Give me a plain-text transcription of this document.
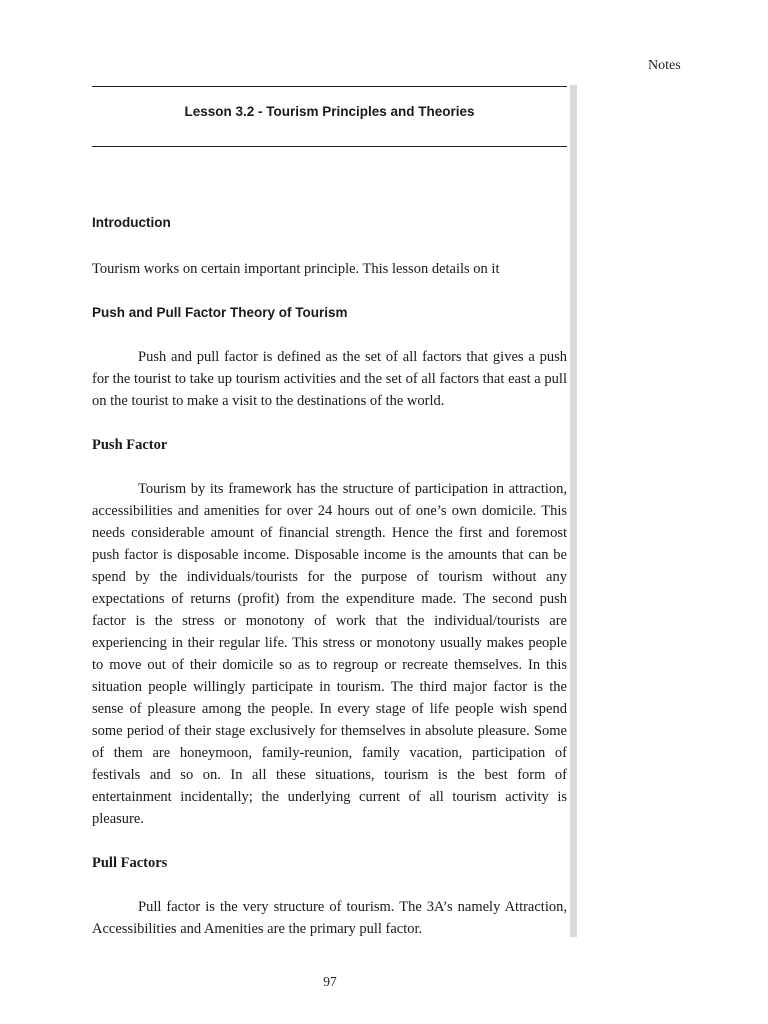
Notes
Lesson 3.2 - Tourism Principles and Theories
Introduction

Tourism works on certain important principle. This lesson details on it

Push and Pull Factor Theory of Tourism

Push and pull factor is defined as the set of all factors that gives a push for the tourist to take up tourism activities and the set of all factors that east a pull on the tourist to make a visit to the destinations of the world.

Push Factor

Tourism by its framework has the structure of participation in attraction, accessibilities and amenities for over 24 hours out of one’s own domicile. This needs considerable amount of financial strength. Hence the first and foremost push factor is disposable income. Disposable income is the amounts that can be spend by the individuals/tourists for the purpose of tourism without any expectations of returns (profit) from the expenditure made. The second push factor is the stress or monotony of work that the individual/tourists are experiencing in their regular life. This stress or monotony usually makes people to move out of their domicile so as to regroup or recreate themselves. In this situation people willingly participate in tourism. The third major factor is the sense of pleasure among the people. In every stage of life people wish spend some period of their stage exclusively for themselves in absolute pleasure. Some of them are honeymoon, family-reunion, family vacation, participation of festivals and so on. In all these situations, tourism is the best form of entertainment incidentally; the underlying current of all tourism activity is pleasure.

Pull Factors

Pull factor is the very structure of tourism. The 3A’s namely Attraction, Accessibilities and Amenities are the primary pull factor.

97
